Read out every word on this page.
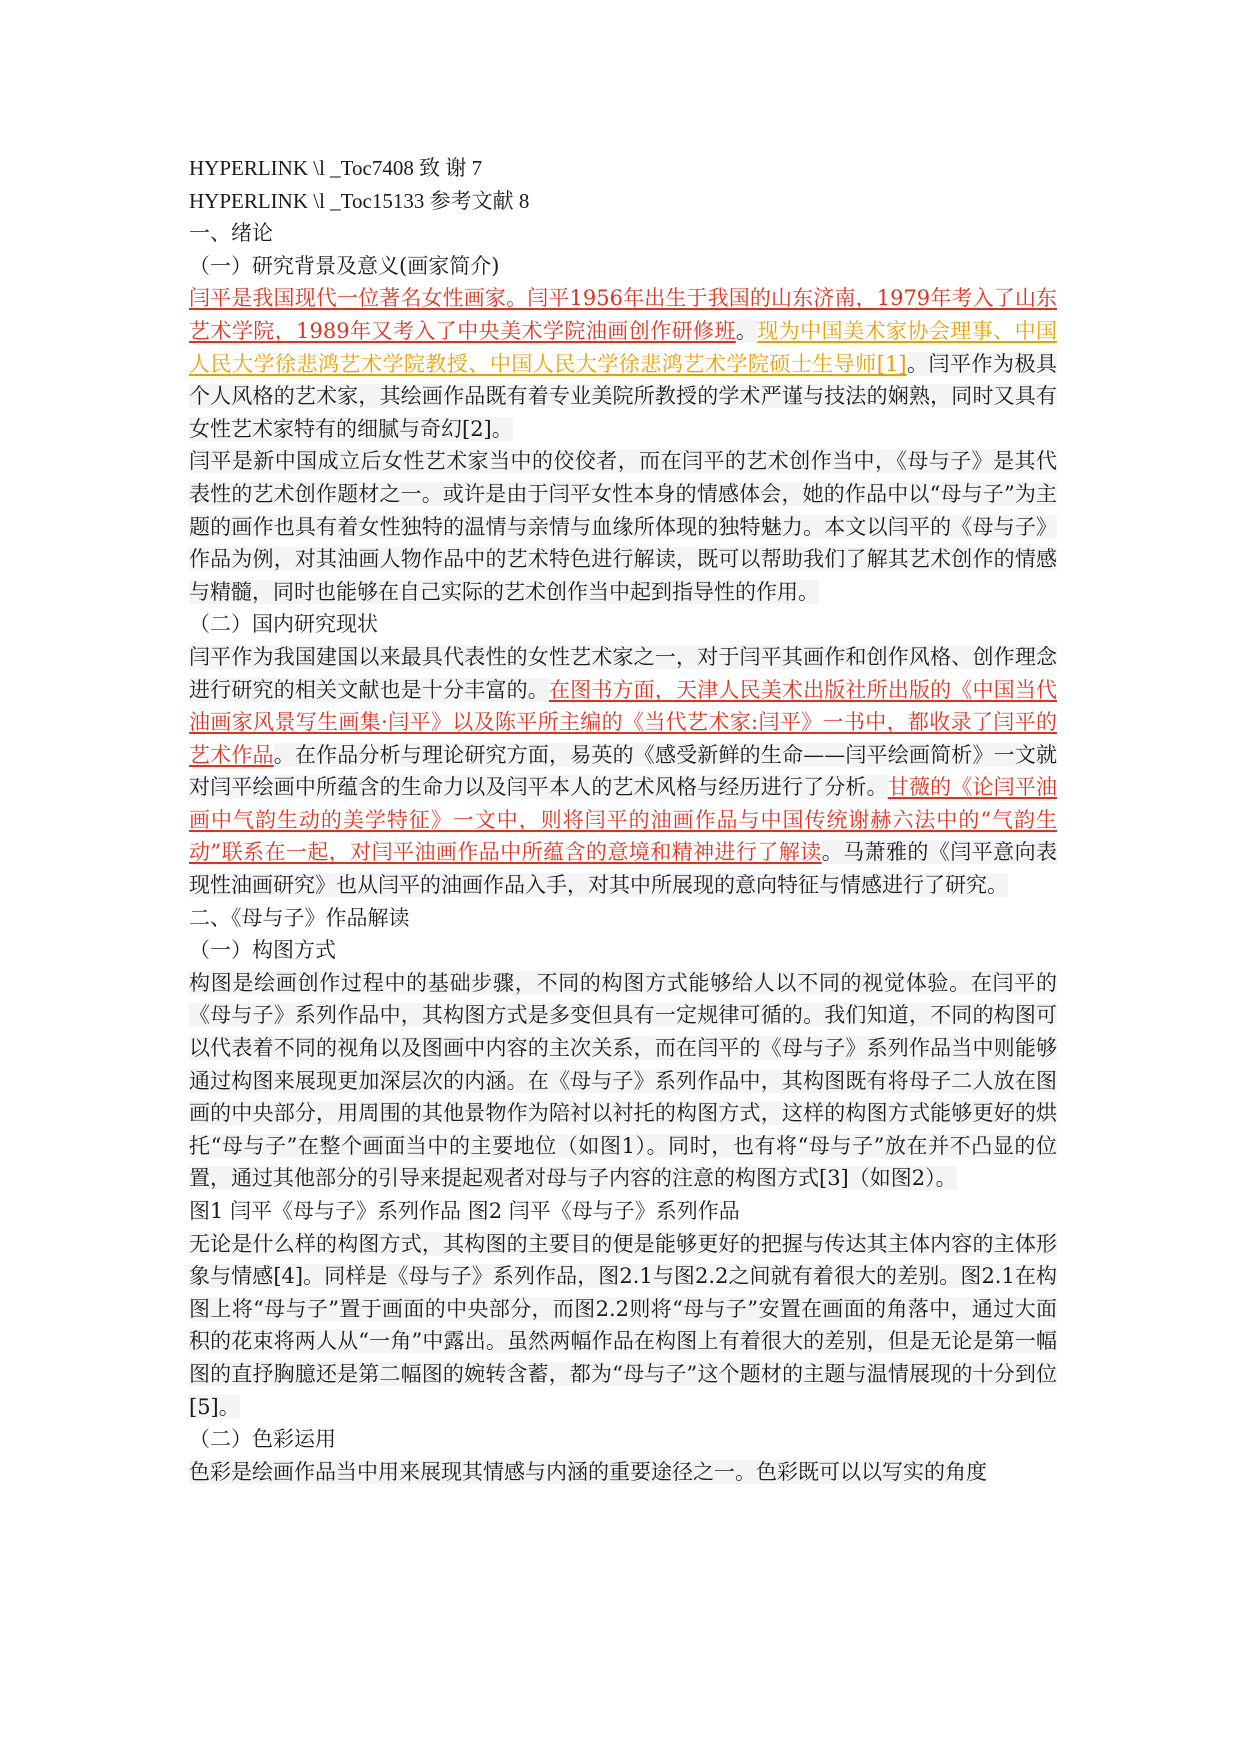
HYPERLINK \l _Toc7408 致 谢 7
HYPERLINK \l _Toc15133 参考文献 8
一、绪论
（一）研究背景及意义(画家简介)
闫平是我国现代一位著名女性画家。闫平1956年出生于我国的山东济南，1979年考入了山东艺术学院，1989年又考入了中央美术学院油画创作研修班。现为中国美术家协会理事、中国人民大学徐悲鸿艺术学院教授、中国人民大学徐悲鸿艺术学院硕士生导师[1]。闫平作为极具个人风格的艺术家，其绘画作品既有着专业美院所教授的学术严谨与技法的娴熟，同时又具有女性艺术家特有的细腻与奇幻[2]。
闫平是新中国成立后女性艺术家当中的佼佼者，而在闫平的艺术创作当中，《母与子》是其代表性的艺术创作题材之一。或许是由于闫平女性本身的情感体会，她的作品中以“母与子”为主题的画作也具有着女性独特的温情与亲情与血缘所体现的独特魅力。本文以闫平的《母与子》作品为例，对其油画人物作品中的艺术特色进行解读，既可以帮助我们了解其艺术创作的情感与精髓，同时也能够在自己实际的艺术创作当中起到指导性的作用。
（二）国内研究现状
闫平作为我国建国以来最具代表性的女性艺术家之一，对于闫平其画作和创作风格、创作理念进行研究的相关文献也是十分丰富的。在图书方面，天津人民美术出版社所出版的《中国当代油画家风景写生画集·闫平》以及陈平所主编的《当代艺术家:闫平》一书中，都收录了闫平的艺术作品。在作品分析与理论研究方面，易英的《感受新鲜的生命——闫平绘画简析》一文就对闫平绘画中所蕴含的生命力以及闫平本人的艺术风格与经历进行了分析。甘薇的《论闫平油画中气韵生动的美学特征》一文中，则将闫平的油画作品与中国传统谢赫六法中的“气韵生动”联系在一起，对闫平油画作品中所蕴含的意境和精神进行了解读。马萧雅的《闫平意向表现性油画研究》也从闫平的油画作品入手，对其中所展现的意向特征与情感进行了研究。
二、《母与子》作品解读
（一）构图方式
构图是绘画创作过程中的基础步骤，不同的构图方式能够给人以不同的视觉体验。在闫平的《母与子》系列作品中，其构图方式是多变但具有一定规律可循的。我们知道，不同的构图可以代表着不同的视角以及图画中内容的主次关系，而在闫平的《母与子》系列作品当中则能够通过构图来展现更加深层次的内涵。在《母与子》系列作品中，其构图既有将母子二人放在图画的中央部分，用周围的其他景物作为陪衬以衬托的构图方式，这样的构图方式能够更好的烘托“母与子”在整个画面当中的主要地位（如图1）。同时，也有将“母与子”放在并不凸显的位置，通过其他部分的引导来提起观者对母与子内容的注意的构图方式[3]（如图2）。
图1 闫平《母与子》系列作品 图2 闫平《母与子》系列作品
无论是什么样的构图方式，其构图的主要目的便是能够更好的把握与传达其主体内容的主体形象与情感[4]。同样是《母与子》系列作品，图2.1与图2.2之间就有着很大的差别。图2.1在构图上将“母与子”置于画面的中央部分，而图2.2则将“母与子”安置在画面的角落中，通过大面积的花束将两人从“一角”中露出。虽然两幅作品在构图上有着很大的差别，但是无论是第一幅图的直抒胸臆还是第二幅图的婉转含蓄，都为“母与子”这个题材的主题与温情展现的十分到位[5]。
（二）色彩运用
色彩是绘画作品当中用来展现其情感与内涵的重要途径之一。色彩既可以以写实的角度
